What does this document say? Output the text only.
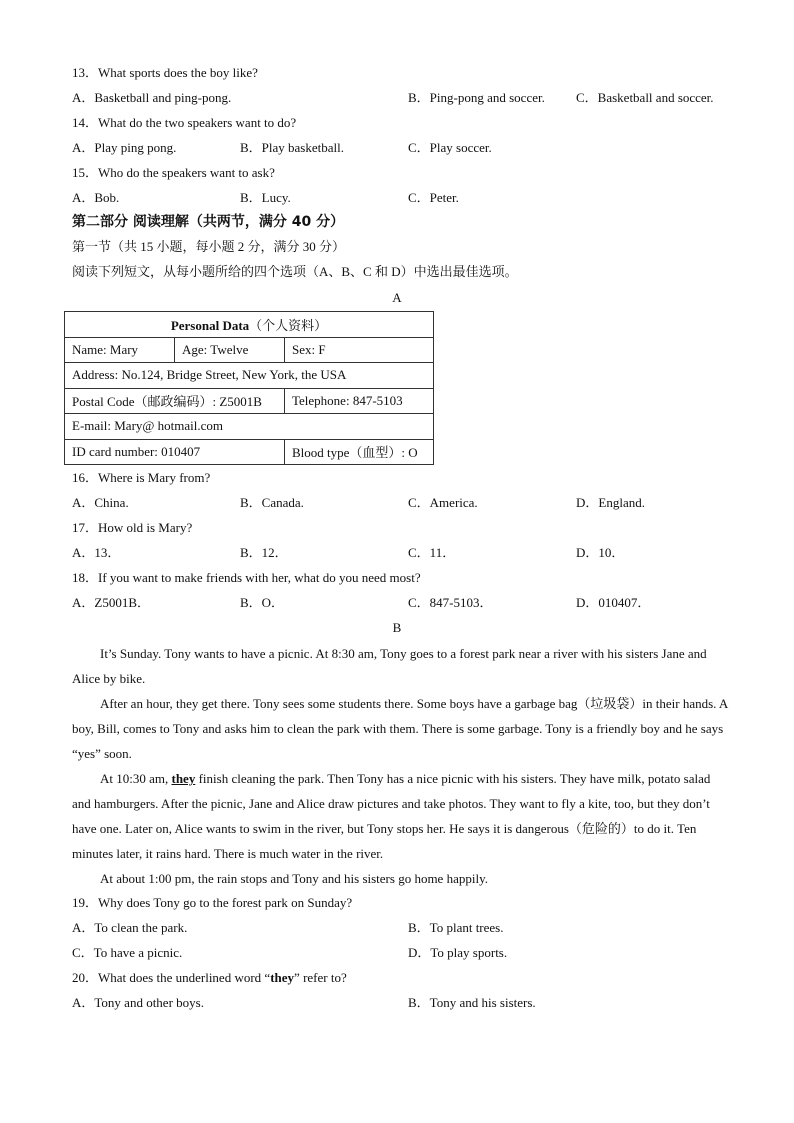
13．What sports does the boy like?
A．Basketball and ping-pong.	B．Ping-pong and soccer. C．Basketball and soccer.
14．What do the two speakers want to do?
A．Play ping pong.	B．Play basketball.	C．Play soccer.
15．Who do the speakers want to ask?
A．Bob.	B．Lucy.	C．Peter.
第二部分 阅读理解（共两节，满分 40 分）
第一节（共 15 小题，每小题 2 分，满分 30 分）
阅读下列短文，从每小题所给的四个选项（A、B、C 和 D）中选出最佳选项。
A
Personal Data（个人资料）		
Name: Mary	Age: Twelve	Sex: F
Address: No.124, Bridge Street, New York, the USA		
Postal Code（邮政编码）: Z5001B		Telephone: 847-5103
E-mail: Mary@ hotmail.com		
ID card number: 010407		Blood type（血型）: O
16．Where is Mary from?
A．China.	B．Canada.	C．America.	D．England.
17．How old is Mary?
A．13．	B．12．	C．11．	D．10．
18．If you want to make friends with her, what do you need most?
A．Z5001B．	B．O．	C．847-5103．	D．010407．
B
It’s Sunday. Tony wants to have a picnic. At 8:30 am, Tony goes to a forest park near a river with his sisters Jane and Alice by bike.
After an hour, they get there. Tony sees some students there. Some boys have a garbage bag（垃圾袋）in their hands. A boy, Bill, comes to Tony and asks him to clean the park with them. There is some garbage. Tony is a friendly boy and he says “yes” soon.
At 10:30 am, they finish cleaning the park. Then Tony has a nice picnic with his sisters. They have milk, potato salad and hamburgers. After the picnic, Jane and Alice draw pictures and take photos. They want to fly a kite, too, but they don’t have one. Later on, Alice wants to swim in the river, but Tony stops her. He says it is dangerous（危险的）to do it. Ten minutes later, it rains hard. There is much water in the river.
At about 1:00 pm, the rain stops and Tony and his sisters go home happily.
19．Why does Tony go to the forest park on Sunday?
A．To clean the park.	B．To plant trees.
C．To have a picnic.	D．To play sports.
20．What does the underlined word “they” refer to?
A．Tony and other boys.	B．Tony and his sisters.
